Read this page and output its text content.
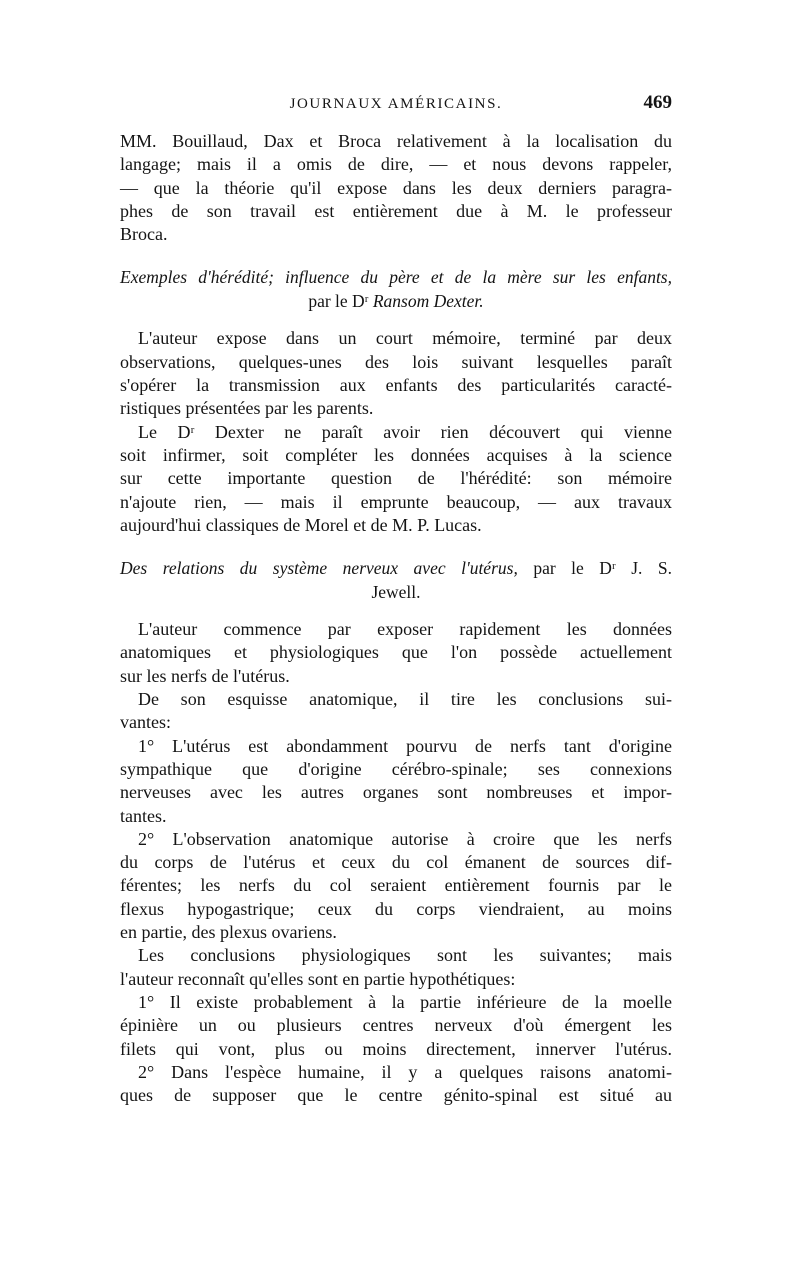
JOURNAUX AMÉRICAINS.	469
MM. Bouillaud, Dax et Broca relativement à la localisation du
langage; mais il a omis de dire, — et nous devons rappeler,
— que la théorie qu'il expose dans les deux derniers paragra-
phes de son travail est entièrement due à M. le professeur
Broca.
Exemples d'hérédité; influence du père et de la mère sur les enfants,
par le Dʳ Ransom Dexter.
L'auteur expose dans un court mémoire, terminé par deux
observations, quelques-unes des lois suivant lesquelles paraît
s'opérer la transmission aux enfants des particularités caracté-
ristiques présentées par les parents.
Le Dʳ Dexter ne paraît avoir rien découvert qui vienne
soit infirmer, soit compléter les données acquises à la science
sur cette importante question de l'hérédité: son mémoire
n'ajoute rien, — mais il emprunte beaucoup, — aux travaux
aujourd'hui classiques de Morel et de M. P. Lucas.
Des relations du système nerveux avec l'utérus, par le Dʳ J. S.
Jewell.
L'auteur commence par exposer rapidement les données
anatomiques et physiologiques que l'on possède actuellement
sur les nerfs de l'utérus.
De son esquisse anatomique, il tire les conclusions sui-
vantes:
1° L'utérus est abondamment pourvu de nerfs tant d'origine
sympathique que d'origine cérébro-spinale; ses connexions
nerveuses avec les autres organes sont nombreuses et impor-
tantes.
2° L'observation anatomique autorise à croire que les nerfs
du corps de l'utérus et ceux du col émanent de sources dif-
férentes; les nerfs du col seraient entièrement fournis par le
flexus hypogastrique; ceux du corps viendraient, au moins
en partie, des plexus ovariens.
Les conclusions physiologiques sont les suivantes; mais
l'auteur reconnaît qu'elles sont en partie hypothétiques:
1° Il existe probablement à la partie inférieure de la moelle
épinière un ou plusieurs centres nerveux d'où émergent les
filets qui vont, plus ou moins directement, innerver l'utérus.
2° Dans l'espèce humaine, il y a quelques raisons anatomi-
ques de supposer que le centre génito-spinal est situé au
